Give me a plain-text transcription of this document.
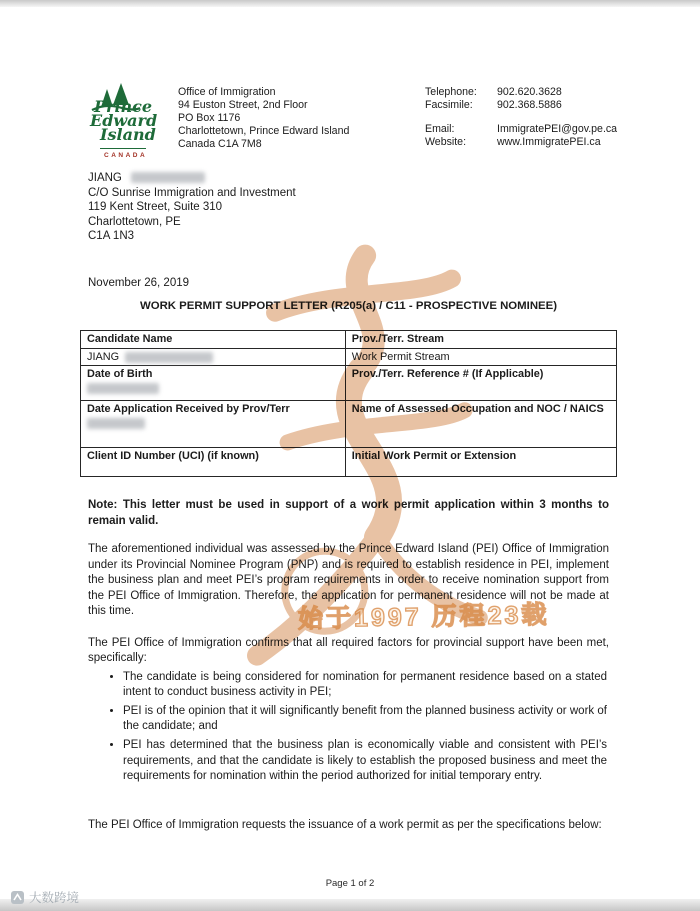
Prince
Edward
Island
CANADA
Office of Immigration
94 Euston Street, 2nd Floor
PO Box 1176
Charlottetown, Prince Edward Island
Canada C1A 7M8
Telephone: 902.620.3628
Facsimile: 902.368.5886
Email:	ImmigratePEI@gov.pe.ca
Website:	www.ImmigratePEI.ca
JIANG
C/O Sunrise Immigration and Investment
119 Kent Street, Suite 310
Charlottetown, PE
C1A 1N3
November 26, 2019
WORK PERMIT SUPPORT LETTER (R205(a) / C11 - PROSPECTIVE NOMINEE)
Candidate Name	Prov./Terr. Stream
JIANG	Work Permit Stream

Date of Birth	Prov./Terr. Reference # (If Applicable)

Date Application Received by Prov/Terr	Name of Assessed Occupation and NOC / NAICS
Client ID Number (UCI) (if known)	Initial Work Permit or Extension

Note: This letter must be used in support of a work permit application within 3 months to remain valid.

The aforementioned individual was assessed by the Prince Edward Island (PEI) Office of Immigration under its Provincial Nominee Program (PNP) and is required to establish residence in PEI, implement the business plan and meet PEI’s program requirements in order to receive nomination support from the PEI Office of Immigration. Therefore, the application for permanent residence will not be made at this time.

The PEI Office of Immigration confirms that all required factors for provincial support have been met, specifically:

• The candidate is being considered for nomination for permanent residence based on a stated intent to conduct business activity in PEI;
• PEI is of the opinion that it will significantly benefit from the planned business activity or work of the candidate; and
• PEI has determined that the business plan is economically viable and consistent with PEI’s requirements, and that the candidate is likely to establish the proposed business and meet the requirements for nomination within the period authorized for initial temporary entry.

The PEI Office of Immigration requests the issuance of a work permit as per the specifications below:

Page 1 of 2
始于1997 历程23载
大数跨境
